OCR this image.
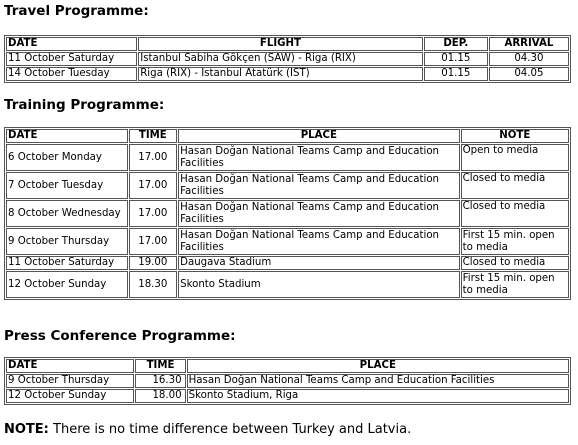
Travel Programme:
DATE	FLIGHT	DEP.	ARRIVAL
11 October Saturday	İstanbul Sabiha Gökçen (SAW) - Riga (RIX)	01.15	04.30
14 October Tuesday	Riga (RIX) - İstanbul Atatürk (IST)	01.15	04.05
Training Programme:
DATE	TIME	PLACE	NOTE
6 October Monday	17.00	Hasan Doğan National Teams Camp and Education Facilities	Open to media
7 October Tuesday	17.00	Hasan Doğan National Teams Camp and Education Facilities	Closed to media
8 October Wednesday	17.00	Hasan Doğan National Teams Camp and Education Facilities	Closed to media
9 October Thursday	17.00	Hasan Doğan National Teams Camp and Education Facilities	First 15 min. open to media
11 October Saturday	19.00	Daugava Stadium	Closed to media
12 October Sunday	18.30	Skonto Stadium	First 15 min. open to media
Press Conference Programme:
DATE	TIME	PLACE
9 October Thursday	16.30	Hasan Doğan National Teams Camp and Education Facilities
12 October Sunday	18.00	Skonto Stadium, Riga

NOTE: There is no time difference between Turkey and Latvia.
